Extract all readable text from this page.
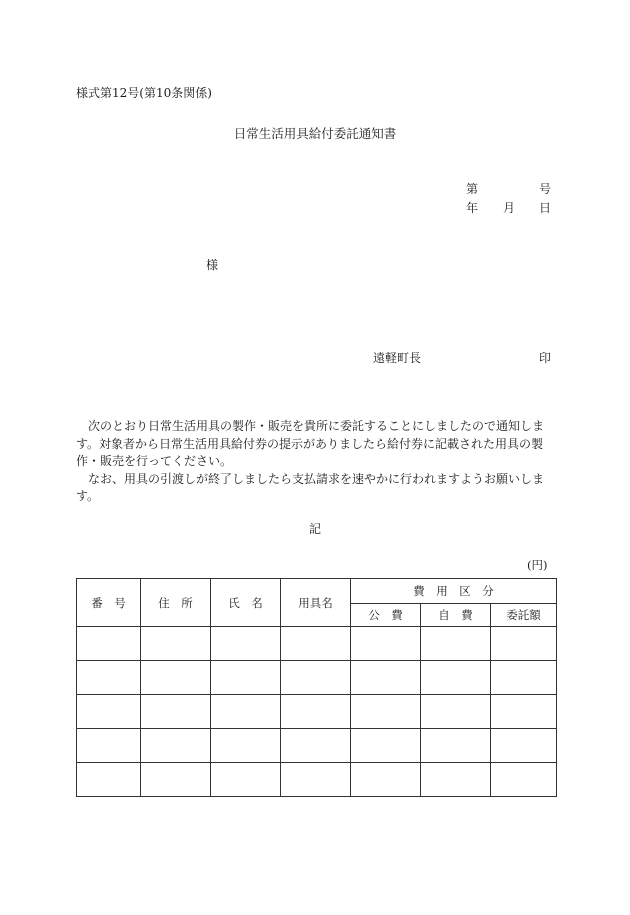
様式第12号(第10条関係)
日常生活用具給付委託通知書
第	号
年 月 日
様
遠軽町長	印

次のとおり日常生活用具の製作・販売を貴所に委託することにしましたので通知します。対象者から日常生活用具給付券の提示がありましたら給付券に記載された用具の製作・販売を行ってください。

なお、用具の引渡しが終了しましたら支払請求を速やかに行われますようお願いします。

記
(円)
番　号	住　所	氏　名	用具名	費　用　区　分		
				公　費	自　費	委託額
